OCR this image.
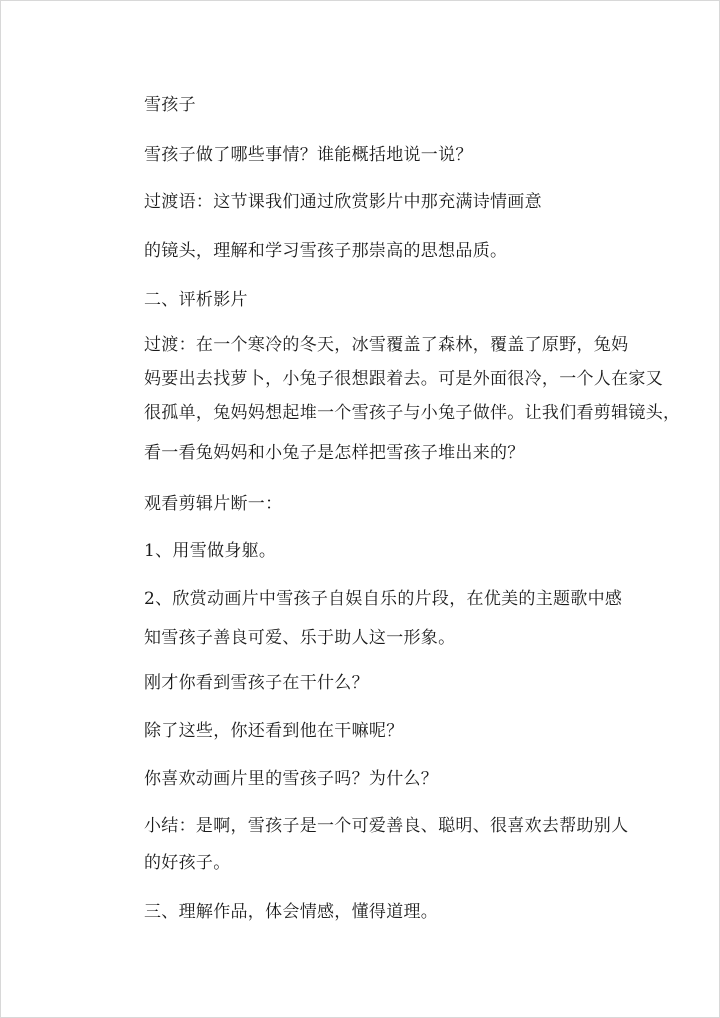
雪孩子
雪孩子做了哪些事情？谁能概括地说一说？
过渡语：这节课我们通过欣赏影片中那充满诗情画意
的镜头，理解和学习雪孩子那崇高的思想品质。
二、评析影片
过渡：在一个寒冷的冬天，冰雪覆盖了森林，覆盖了原野，兔妈
妈要出去找萝卜，小兔子很想跟着去。可是外面很冷，一个人在家又
很孤单，兔妈妈想起堆一个雪孩子与小兔子做伴。让我们看剪辑镜头，
看一看兔妈妈和小兔子是怎样把雪孩子堆出来的？
观看剪辑片断一：
1、用雪做身躯。
2、欣赏动画片中雪孩子自娱自乐的片段，在优美的主题歌中感
知雪孩子善良可爱、乐于助人这一形象。
刚才你看到雪孩子在干什么？
除了这些，你还看到他在干嘛呢？
你喜欢动画片里的雪孩子吗？为什么？
小结：是啊，雪孩子是一个可爱善良、聪明、很喜欢去帮助别人
的好孩子。
三、理解作品，体会情感，懂得道理。
